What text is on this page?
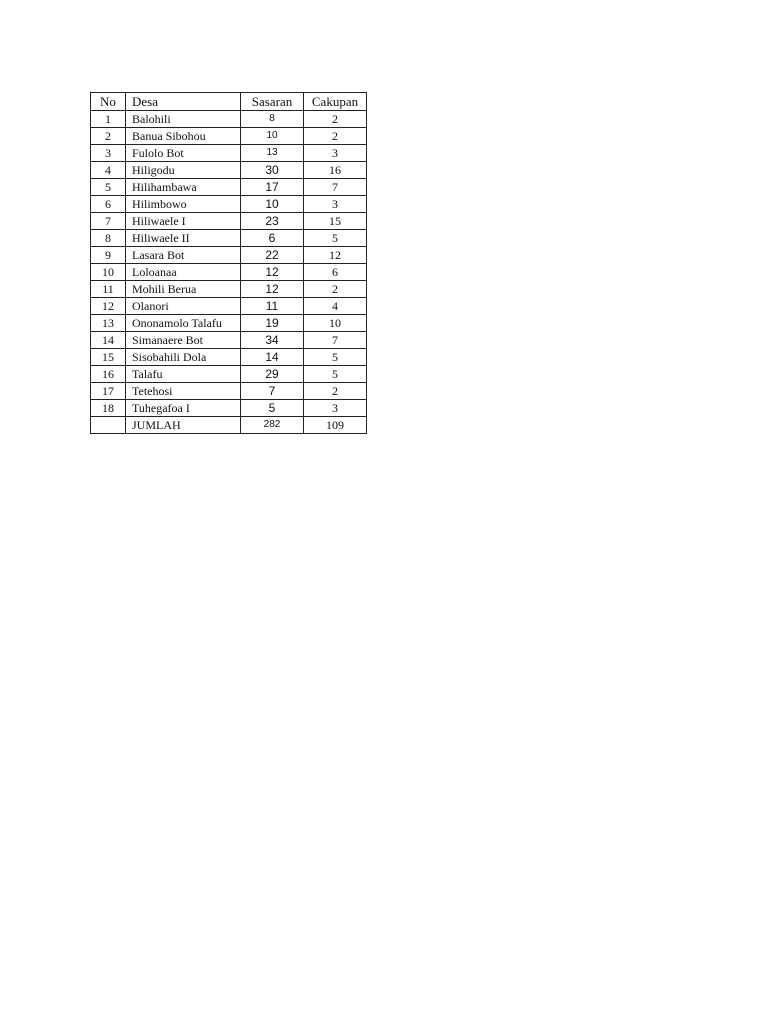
No	Desa	Sasaran	Cakupan
1	Balohili	8	2
2	Banua Sibohou	10	2
3	Fulolo Bot	13	3
4	Hiligodu	30	16
5	Hilihambawa	17	7
6	Hilimbowo	10	3
7	Hiliwaele I	23	15
8	Hiliwaele II	6	5
9	Lasara Bot	22	12
10	Loloanaa	12	6
11	Mohili Berua	12	2
12	Olanori	11	4
13	Ononamolo Talafu	19	10
14	Simanaere Bot	34	7
15	Sisobahili Dola	14	5
16	Talafu	29	5
17	Tetehosi	7	2
18	Tuhegafoa I	5	3
	JUMLAH	282	109
